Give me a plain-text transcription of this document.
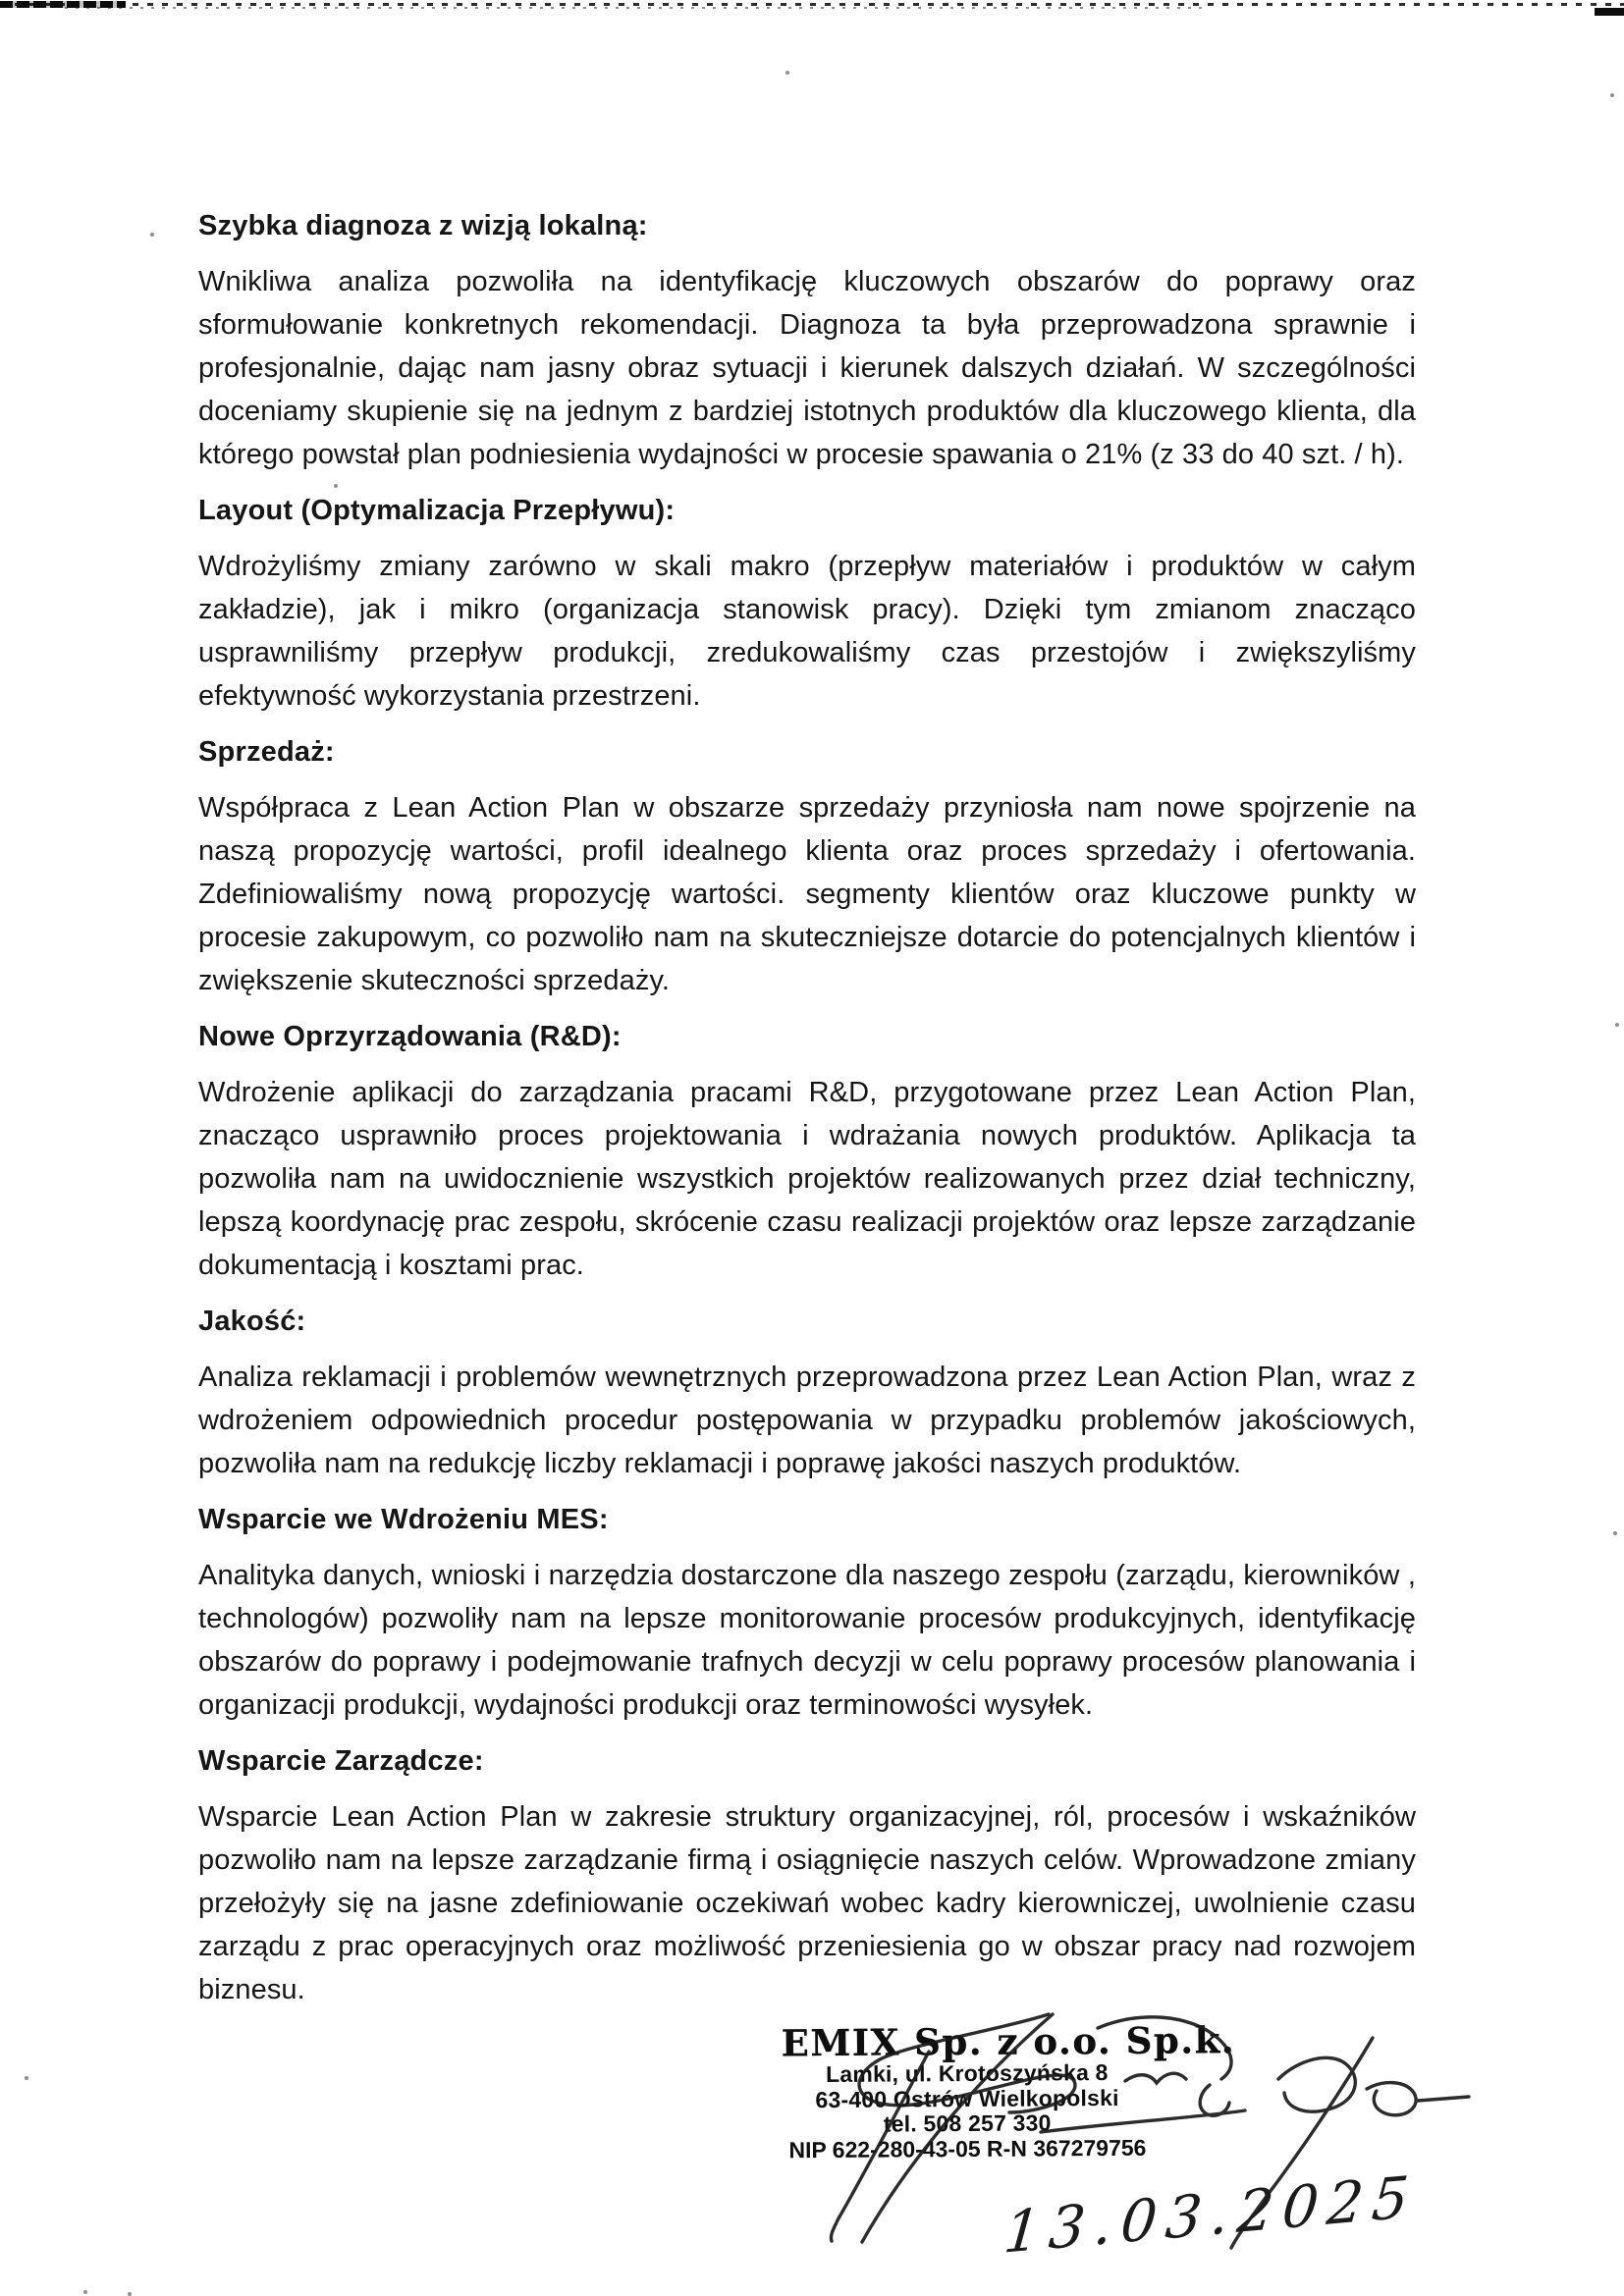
Szybka diagnoza z wizją lokalną:

Wnikliwa analiza pozwoliła na identyfikację kluczowych obszarów do poprawy oraz sformułowanie konkretnych rekomendacji. Diagnoza ta była przeprowadzona sprawnie i profesjonalnie, dając nam jasny obraz sytuacji i kierunek dalszych działań. W szczególności doceniamy skupienie się na jednym z bardziej istotnych produktów dla kluczowego klienta, dla którego powstał plan podniesienia wydajności w procesie spawania o 21% (z 33 do 40 szt. / h).

Layout (Optymalizacja Przepływu):

Wdrożyliśmy zmiany zarówno w skali makro (przepływ materiałów i produktów w całym zakładzie), jak i mikro (organizacja stanowisk pracy). Dzięki tym zmianom znacząco usprawniliśmy przepływ produkcji, zredukowaliśmy czas przestojów i zwiększyliśmy efektywność wykorzystania przestrzeni.

Sprzedaż:

Współpraca z Lean Action Plan w obszarze sprzedaży przyniosła nam nowe spojrzenie na naszą propozycję wartości, profil idealnego klienta oraz proces sprzedaży i ofertowania. Zdefiniowaliśmy nową propozycję wartości. segmenty klientów oraz kluczowe punkty w procesie zakupowym, co pozwoliło nam na skuteczniejsze dotarcie do potencjalnych klientów i zwiększenie skuteczności sprzedaży.

Nowe Oprzyrządowania (R&D):

Wdrożenie aplikacji do zarządzania pracami R&D, przygotowane przez Lean Action Plan, znacząco usprawniło proces projektowania i wdrażania nowych produktów. Aplikacja ta pozwoliła nam na uwidocznienie wszystkich projektów realizowanych przez dział techniczny, lepszą koordynację prac zespołu, skrócenie czasu realizacji projektów oraz lepsze zarządzanie dokumentacją i kosztami prac.

Jakość:

Analiza reklamacji i problemów wewnętrznych przeprowadzona przez Lean Action Plan, wraz z wdrożeniem odpowiednich procedur postępowania w przypadku problemów jakościowych, pozwoliła nam na redukcję liczby reklamacji i poprawę jakości naszych produktów.

Wsparcie we Wdrożeniu MES:

Analityka danych, wnioski i narzędzia dostarczone dla naszego zespołu (zarządu, kierowników , technologów) pozwoliły nam na lepsze monitorowanie procesów produkcyjnych, identyfikację obszarów do poprawy i podejmowanie trafnych decyzji w celu poprawy procesów planowania i organizacji produkcji, wydajności produkcji oraz terminowości wysyłek.

Wsparcie Zarządcze:

Wsparcie Lean Action Plan w zakresie struktury organizacyjnej, ról, procesów i wskaźników pozwoliło nam na lepsze zarządzanie firmą i osiągnięcie naszych celów. Wprowadzone zmiany przełożyły się na jasne zdefiniowanie oczekiwań wobec kadry kierowniczej, uwolnienie czasu zarządu z prac operacyjnych oraz możliwość przeniesienia go w obszar pracy nad rozwojem biznesu.

EMIX Sp. z o.o. Sp.k.
Lamki, ul. Krotoszyńska 8
63-400 Ostrów Wielkopolski
tel. 508 257 330
NIP 622-280-43-05 R-N 367279756
13.03.2025
